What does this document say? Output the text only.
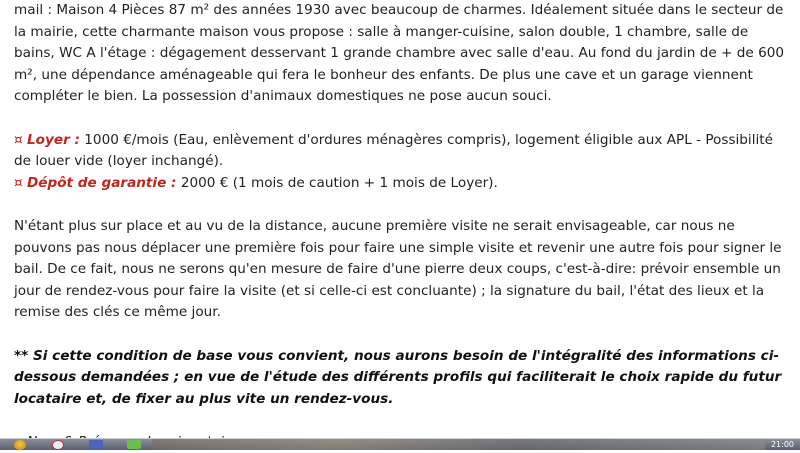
mail : Maison 4 Pièces 87 m² des années 1930 avec beaucoup de charmes. Idéalement située dans le secteur de la mairie, cette charmante maison vous propose : salle à manger-cuisine, salon double, 1 chambre, salle de bains, WC A l'étage : dégagement desservant 1 grande chambre avec salle d'eau. Au fond du jardin de + de 600 m², une dépendance aménageable qui fera le bonheur des enfants. De plus une cave et un garage viennent compléter le bien. La possession d'animaux domestiques ne pose aucun souci.

¤ Loyer : 1000 €/mois (Eau, enlèvement d'ordures ménagères compris), logement éligible aux APL - Possibilité de louer vide (loyer inchangé).

¤ Dépôt de garantie : 2000 € (1 mois de caution + 1 mois de Loyer).

N'étant plus sur place et au vu de la distance, aucune première visite ne serait envisageable, car nous ne pouvons pas nous déplacer une première fois pour faire une simple visite et revenir une autre fois pour signer le bail. De ce fait, nous ne serons qu'en mesure de faire d'une pierre deux coups, c'est-à-dire: prévoir ensemble un jour de rendez-vous pour faire la visite (et si celle-ci est concluante) ; la signature du bail, l'état des lieux et la remise des clés ce même jour.

** Si cette condition de base vous convient, nous aurons besoin de l'intégralité des informations ci-dessous demandées ; en vue de l'étude des différents profils qui faciliterait le choix rapide du futur locataire et, de fixer au plus vite un rendez-vous.

21:00
